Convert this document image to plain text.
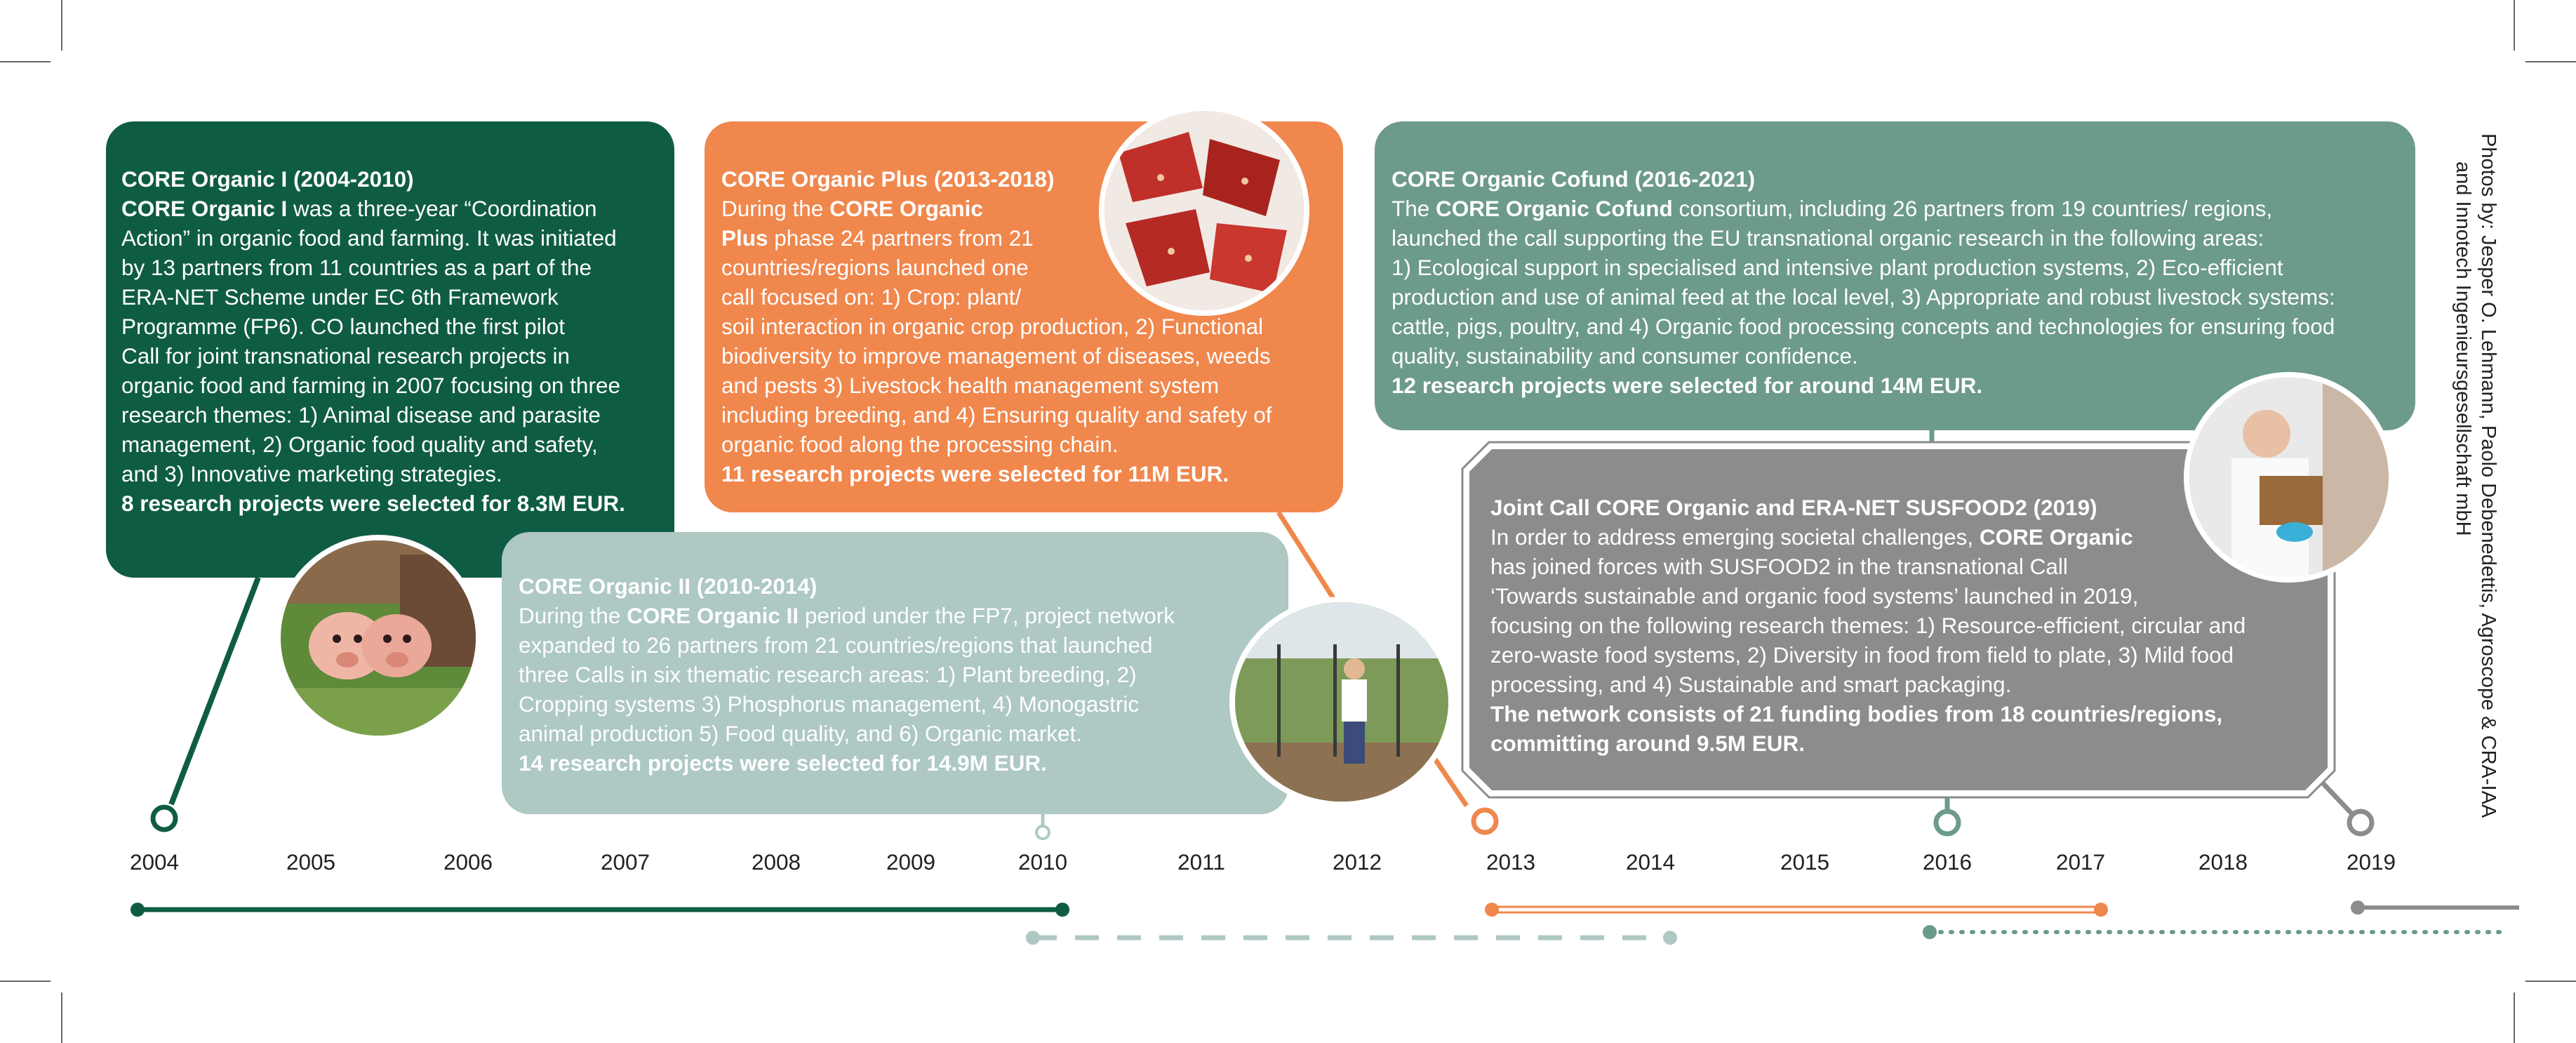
CORE Organic I (2004-2010)
CORE Organic I was a three-year “Coordination
Action” in organic food and farming. It was initiated
by 13 partners from 11 countries as a part of the
ERA-NET Scheme under EC 6th Framework
Programme (FP6). CO launched the first pilot
Call for joint transnational research projects in
organic food and farming in 2007 focusing on three
research themes: 1) Animal disease and parasite
management, 2) Organic food quality and safety,
and 3) Innovative marketing strategies.
8 research projects were selected for 8.3M EUR.
CORE Organic II (2010-2014)
During the CORE Organic II period under the FP7, project network
expanded to 26 partners from 21 countries/regions that launched
three Calls in six thematic research areas: 1) Plant breeding, 2)
Cropping systems 3) Phosphorus management, 4) Monogastric
animal production 5) Food quality, and 6) Organic market.
14 research projects were selected for 14.9M EUR.
CORE Organic Plus (2013-2018)
During the CORE Organic
Plus phase 24 partners from 21
countries/regions launched one
call focused on: 1) Crop: plant/
soil interaction in organic crop production, 2) Functional
biodiversity to improve management of diseases, weeds
and pests 3) Livestock health management system
including breeding, and 4) Ensuring quality and safety of
organic food along the processing chain.
11 research projects were selected for 11M EUR.
CORE Organic Cofund (2016-2021)
The CORE Organic Cofund consortium, including 26 partners from 19 countries/ regions,
launched the call supporting the EU transnational organic research in the following areas:
1) Ecological support in specialised and intensive plant production systems, 2) Eco-efficient
production and use of animal feed at the local level, 3) Appropriate and robust livestock systems:
cattle, pigs, poultry, and 4) Organic food processing concepts and technologies for ensuring food
quality, sustainability and consumer confidence.
12 research projects were selected for around 14M EUR.
Joint Call CORE Organic and ERA-NET SUSFOOD2 (2019)
In order to address emerging societal challenges, CORE Organic
has joined forces with SUSFOOD2 in the transnational Call
‘Towards sustainable and organic food systems’ launched in 2019,
focusing on the following research themes: 1) Resource-efficient, circular and
zero-waste food systems, 2) Diversity in food from field to plate, 3) Mild food
processing, and 4) Sustainable and smart packaging.
The network consists of 21 funding bodies from 18 countries/regions,
committing around 9.5M EUR.
2004	2005	2006	2007	2008	2009	2010	2011	2012	2013	2014	2015	2016	2017	2018	2019
Photos by: Jesper O. Lehmann, Paolo Debenedettis, Agroscope & CRA-IAA
and Innotech Ingenieursgesellschaft mbH
